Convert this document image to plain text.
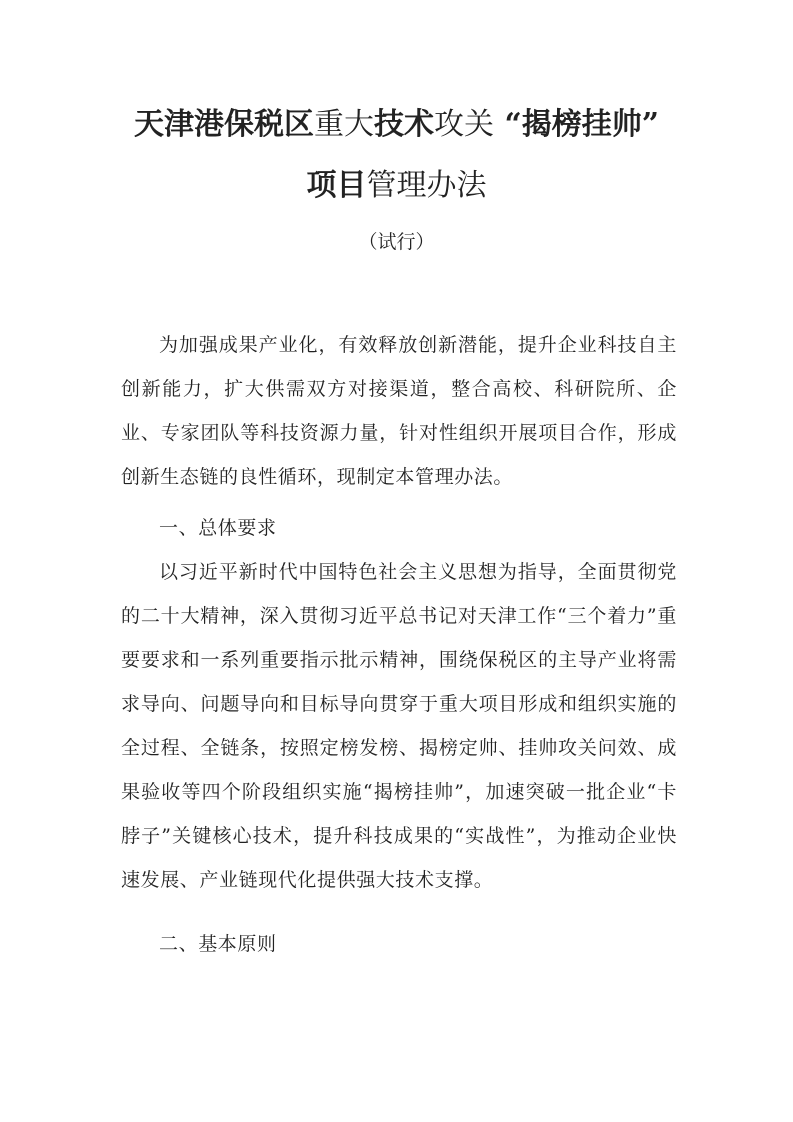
天津港保税区重大技术攻关 “揭榜挂帅”
项目管理办法
（试行）

为加强成果产业化，有效释放创新潜能，提升企业科技自主创新能力，扩大供需双方对接渠道，整合高校、科研院所、企业、专家团队等科技资源力量，针对性组织开展项目合作，形成创新生态链的良性循环，现制定本管理办法。

一、总体要求

以习近平新时代中国特色社会主义思想为指导，全面贯彻党的二十大精神，深入贯彻习近平总书记对天津工作“三个着力”重要要求和一系列重要指示批示精神，围绕保税区的主导产业将需求导向、问题导向和目标导向贯穿于重大项目形成和组织实施的全过程、全链条，按照定榜发榜、揭榜定帅、挂帅攻关问效、成果验收等四个阶段组织实施“揭榜挂帅”，加速突破一批企业“卡脖子”关键核心技术，提升科技成果的“实战性”，为推动企业快速发展、产业链现代化提供强大技术支撑。

二、基本原则
